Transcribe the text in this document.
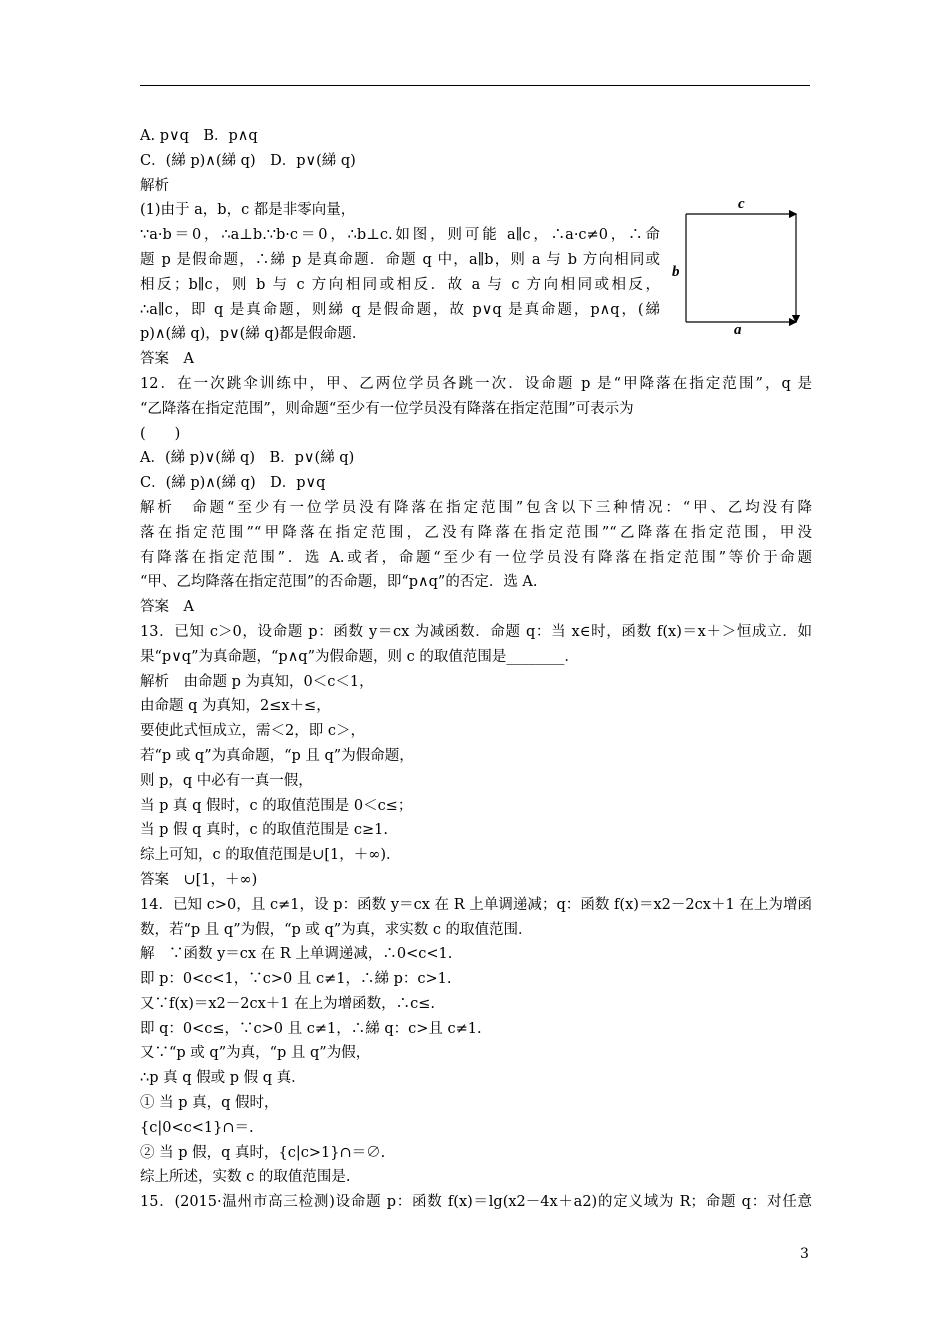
A. p∨q　B．p∧q
C．(綈 p)∧(綈 q)　D．p∨(綈 q)
解析
(1)由于 a，b，c 都是非零向量，
∵a·b＝0，∴a⊥b.∵b·c＝0，∴b⊥c.如图，则可能 a∥c，∴a·c≠0，∴命
题 p 是假命题，∴綈 p 是真命题．命题 q 中，a∥b，则 a 与 b 方向相同或
相反；b∥c，则 b 与 c 方向相同或相反．故 a 与 c 方向相同或相反，
∴a∥c，即 q 是真命题，则綈 q 是假命题，故 p∨q 是真命题，p∧q，(綈
p)∧(綈 q)，p∨(綈 q)都是假命题．
答案　A
12．在一次跳伞训练中，甲、乙两位学员各跳一次．设命题 p 是“甲降落在指定范围”，q 是
“乙降落在指定范围”，则命题“至少有一位学员没有降落在指定范围”可表示为
(　　)
A．(綈 p)∨(綈 q)　B．p∨(綈 q)
C．(綈 p)∧(綈 q)　D．p∨q
解析　命题“至少有一位学员没有降落在指定范围”包含以下三种情况：“甲、乙均没有降
落在指定范围”“甲降落在指定范围，乙没有降落在指定范围”“乙降落在指定范围，甲没
有降落在指定范围”．选 A.或者，命题“至少有一位学员没有降落在指定范围”等价于命题
“甲、乙均降落在指定范围”的否命题，即“p∧q”的否定．选 A.
答案　A
13．已知 c＞0，设命题 p：函数 y＝cx 为减函数．命题 q：当 x∈时，函数 f(x)＝x＋＞恒成立．如
果“p∨q”为真命题，“p∧q”为假命题，则 c 的取值范围是________．
解析　由命题 p 为真知，0＜c＜1，
由命题 q 为真知，2≤x＋≤，
要使此式恒成立，需＜2，即 c＞，
若“p 或 q”为真命题，“p 且 q”为假命题，
则 p，q 中必有一真一假，
当 p 真 q 假时，c 的取值范围是 0＜c≤；
当 p 假 q 真时，c 的取值范围是 c≥1.
综上可知，c 的取值范围是∪[1，＋∞)．
答案　∪[1，＋∞)
14．已知 c>0，且 c≠1，设 p：函数 y＝cx 在 R 上单调递减；q：函数 f(x)＝x2－2cx＋1 在上为增函
数，若“p 且 q”为假，“p 或 q”为真，求实数 c 的取值范围．
解　∵函数 y＝cx 在 R 上单调递减，∴0<c<1.
即 p：0<c<1，∵c>0 且 c≠1，∴綈 p：c>1.
又∵f(x)＝x2－2cx＋1 在上为增函数，∴c≤.
即 q：0<c≤，∵c>0 且 c≠1，∴綈 q：c>且 c≠1.
又∵“p 或 q”为真，“p 且 q”为假，
∴p 真 q 假或 p 假 q 真．
① 当 p 真，q 假时，
{c|0<c<1}∩＝.
② 当 p 假，q 真时，{c|c>1}∩＝∅.
综上所述，实数 c 的取值范围是.
15．(2015·温州市高三检测)设命题 p：函数 f(x)＝lg(x2－4x＋a2)的定义域为 R；命题 q：对任意
c
b
a
3
